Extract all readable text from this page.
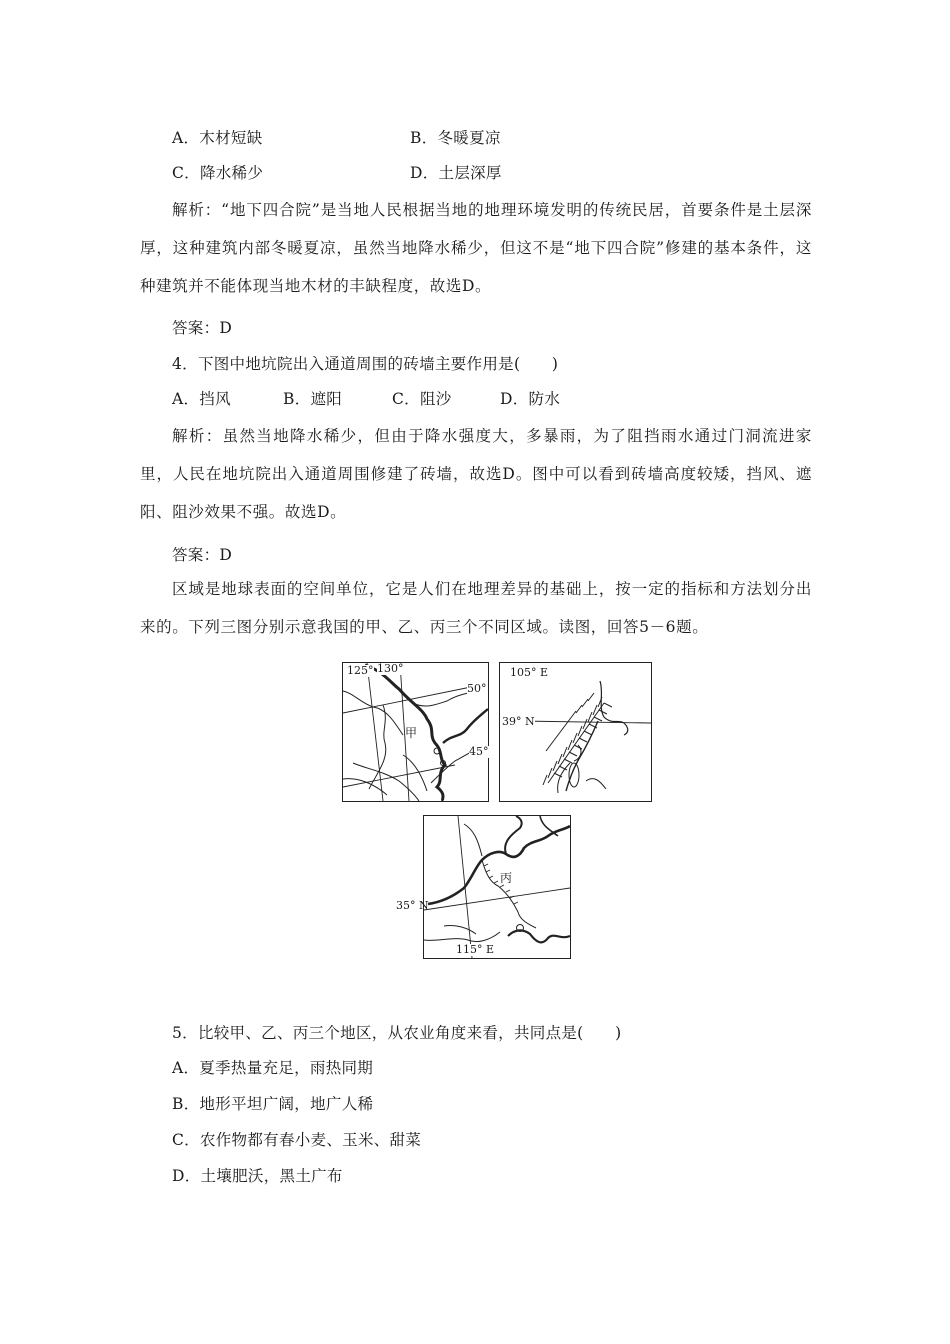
A．木材短缺	B．冬暖夏凉
C．降水稀少	D．土层深厚
解析：“地下四合院”是当地人民根据当地的地理环境发明的传统民居，首要条件是土层深厚，这种建筑内部冬暖夏凉，虽然当地降水稀少，但这不是“地下四合院”修建的基本条件，这种建筑并不能体现当地木材的丰缺程度，故选D。
答案：D
4．下图中地坑院出入通道周围的砖墙主要作用是(　　)
A．挡风	B．遮阳	C．阻沙	D．防水
解析：虽然当地降水稀少，但由于降水强度大，多暴雨，为了阻挡雨水通过门洞流进家里，人民在地坑院出入通道周围修建了砖墙，故选D。图中可以看到砖墙高度较矮，挡风、遮阳、阻沙效果不强。故选D。
答案：D
区域是地球表面的空间单位，它是人们在地理差异的基础上，按一定的指标和方法划分出来的。下列三图分别示意我国的甲、乙、丙三个不同区域。读图，回答5－6题。
125° 130°
50°
45°
甲
105° E
39° N
丙
35° N
115° E
5．比较甲、乙、丙三个地区，从农业角度来看，共同点是(　　)
A．夏季热量充足，雨热同期
B．地形平坦广阔，地广人稀
C．农作物都有春小麦、玉米、甜菜
D．土壤肥沃，黑土广布
